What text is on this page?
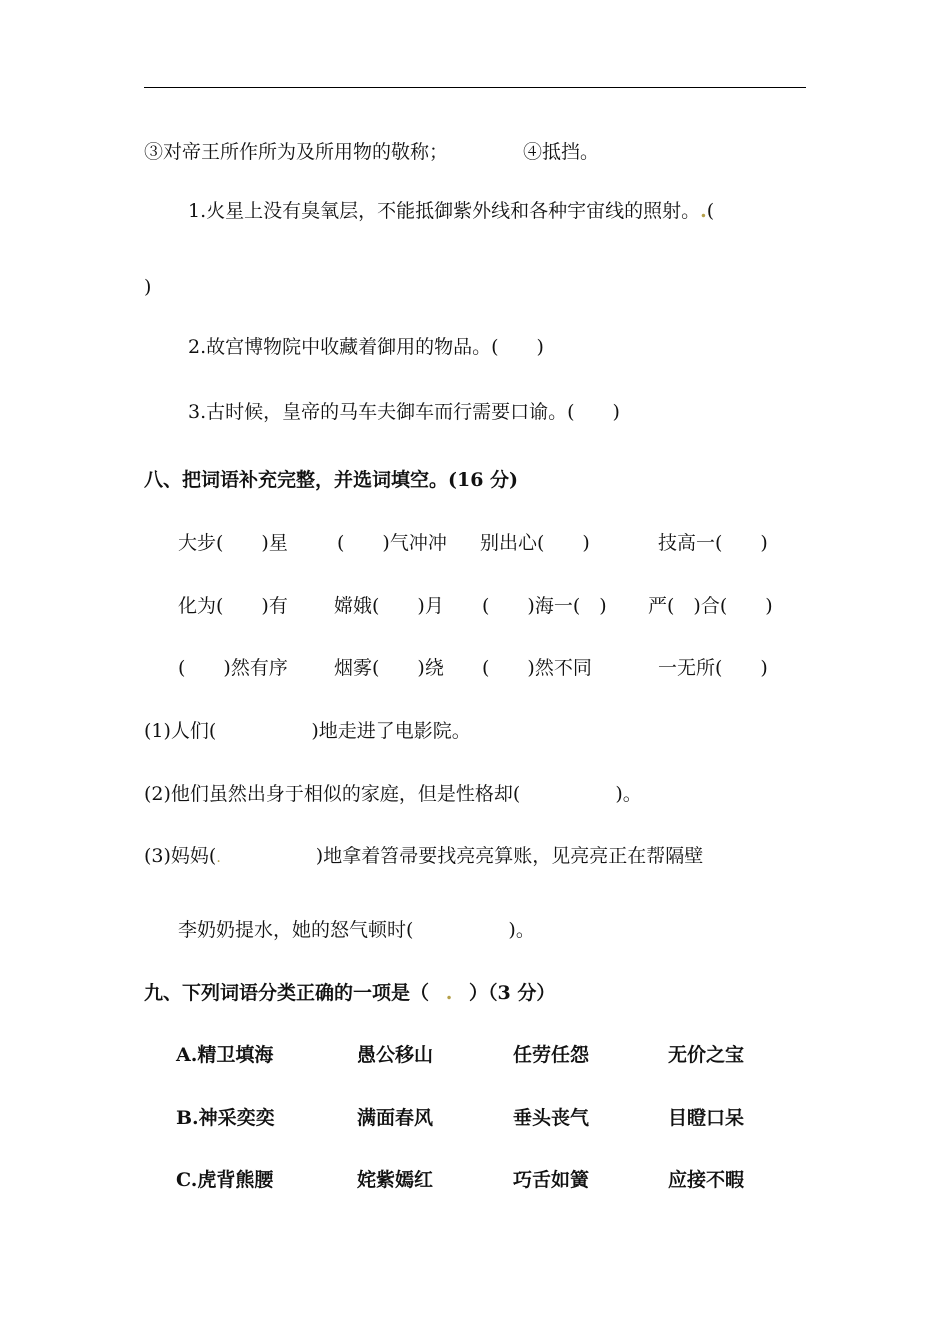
③对帝王所作所为及所用物的敬称；	④抵挡。
1.火星上没有臭氧层，不能抵御紫外线和各种宇宙线的照射。.(
)
2.故宫博物院中收藏着御用的物品。(　　)
3.古时候，皇帝的马车夫御车而行需要口谕。(　　)
八、把词语补充完整，并选词填空。(16 分)
大步(　　)星	(　　)气冲冲 别出心(　　)	技高一(　　)
化为(　　)有 嫦娥(　　)月 (　　)海一(　) 严(　)合(　　)
(　　)然有序 烟雾(　　)绕 (　　)然不同	一无所(　　)
(1)人们(　　　　　)地走进了电影院。
(2)他们虽然出身于相似的家庭，但是性格却(　　　　　)。
(3)妈妈(.　　　　　)地拿着笤帚要找亮亮算账，见亮亮正在帮隔壁
李奶奶提水，她的怒气顿时(　　　　　)。
九、下列词语分类正确的一项是（ . ）（3 分）
A.精卫填海	愚公移山	任劳任怨	无价之宝
B.神采奕奕	满面春风	垂头丧气	目瞪口呆
C.虎背熊腰	姹紫嫣红	巧舌如簧	应接不暇
